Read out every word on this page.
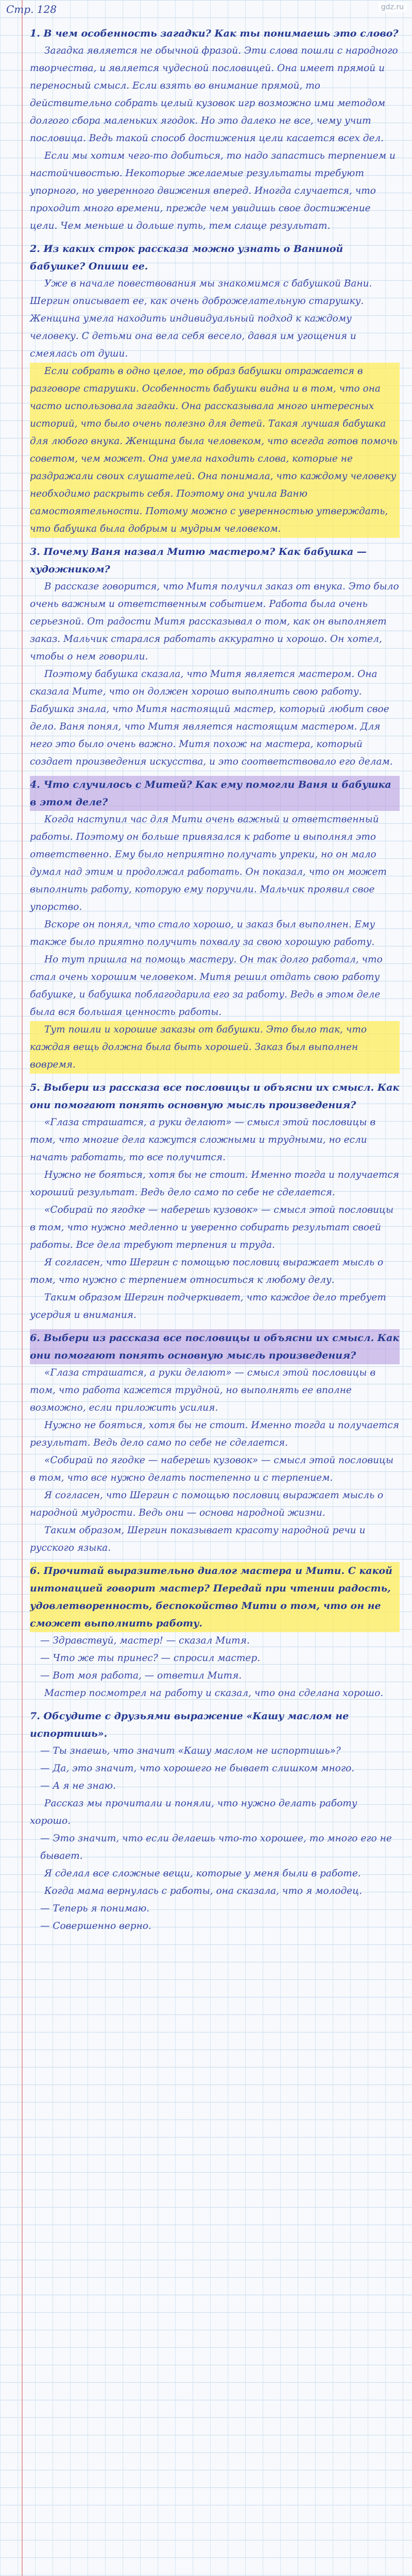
Стр. 128	gdz.ru

1. В чем особенность загадки? Как ты понимаешь это слово?

Загадка является не обычной фразой. Эти слова пошли с народного творчества, и является чудесной пословицей. Она имеет прямой и переносный смысл. Если взять во внимание прямой, то действительно собрать целый кузовок игр возможно ими методом долгого сбора маленьких ягодок. Но это далеко не все, чему учит пословица. Ведь такой способ достижения цели касается всех дел.

Если мы хотим чего-то добиться, то надо запастись терпением и настойчивостью. Некоторые желаемые результаты требуют упорного, но уверенного движения вперед. Иногда случается, что проходит много времени, прежде чем увидишь свое достижение цели. Чем меньше и дольше путь, тем слаще результат.

2. Из каких строк рассказа можно узнать о Ваниной бабушке? Опиши ее.

Уже в начале повествования мы знакомимся с бабушкой Вани. Шергин описывает ее, как очень доброжелательную старушку. Женщина умела находить индивидуальный подход к каждому человеку. С детьми она вела себя весело, давая им угощения и смеялась от души.

Если собрать в одно целое, то образ бабушки отражается в разговоре старушки. Особенность бабушки видна и в том, что она часто использовала загадки. Она рассказывала много интересных историй, что было очень полезно для детей. Такая лучшая бабушка для любого внука. Женщина была человеком, что всегда готов помочь советом, чем может. Она умела находить слова, которые не раздражали своих слушателей. Она понимала, что каждому человеку необходимо раскрыть себя. Поэтому она учила Ваню самостоятельности. Потому можно с уверенностью утверждать, что бабушка была добрым и мудрым человеком.

3. Почему Ваня назвал Митю мастером? Как бабушка — художником?

В рассказе говорится, что Митя получил заказ от внука. Это было очень важным и ответственным событием. Работа была очень серьезной. От радости Митя рассказывал о том, как он выполняет заказ. Мальчик старался работать аккуратно и хорошо. Он хотел, чтобы о нем говорили.

Поэтому бабушка сказала, что Митя является мастером. Она сказала Мите, что он должен хорошо выполнить свою работу. Бабушка знала, что Митя настоящий мастер, который любит свое дело. Ваня понял, что Митя является настоящим мастером. Для него это было очень важно. Митя похож на мастера, который создает произведения искусства, и это соответствовало его делам.

4. Что случилось с Митей? Как ему помогли Ваня и бабушка в этом деле?

Когда наступил час для Мити очень важный и ответственный работы. Поэтому он больше привязался к работе и выполнял это ответственно. Ему было неприятно получать упреки, но он мало думал над этим и продолжал работать. Он показал, что он может выполнить работу, которую ему поручили. Мальчик проявил свое упорство.

Вскоре он понял, что стало хорошо, и заказ был выполнен. Ему также было приятно получить похвалу за свою хорошую работу.

Но тут пришла на помощь мастеру. Он так долго работал, что стал очень хорошим человеком. Митя решил отдать свою работу бабушке, и бабушка поблагодарила его за работу. Ведь в этом деле была вся большая ценность работы.

Тут пошли и хорошие заказы от бабушки. Это было так, что каждая вещь должна была быть хорошей. Заказ был выполнен вовремя.

5. Выбери из рассказа все пословицы и объясни их смысл. Как они помогают понять основную мысль произведения?

«Глаза страшатся, а руки делают» — смысл этой пословицы в том, что многие дела кажутся сложными и трудными, но если начать работать, то все получится.

Нужно не бояться, хотя бы не стоит. Именно тогда и получается хороший результат. Ведь дело само по себе не сделается.

«Собирай по ягодке — наберешь кузовок» — смысл этой пословицы в том, что нужно медленно и уверенно собирать результат своей работы. Все дела требуют терпения и труда.

Я согласен, что Шергин с помощью пословиц выражает мысль о том, что нужно с терпением относиться к любому делу.

Таким образом Шергин подчеркивает, что каждое дело требует усердия и внимания.

6. Выбери из рассказа все пословицы и объясни их смысл. Как они помогают понять основную мысль произведения?

«Глаза страшатся, а руки делают» — смысл этой пословицы в том, что работа кажется трудной, но выполнять ее вполне возможно, если приложить усилия.

Нужно не бояться, хотя бы не стоит. Именно тогда и получается результат. Ведь дело само по себе не сделается.

«Собирай по ягодке — наберешь кузовок» — смысл этой пословицы в том, что все нужно делать постепенно и с терпением.

Я согласен, что Шергин с помощью пословиц выражает мысль о народной мудрости. Ведь они — основа народной жизни.

Таким образом, Шергин показывает красоту народной речи и русского языка.

6. Прочитай выразительно диалог мастера и Мити. С какой интонацией говорит мастер? Передай при чтении радость, удовлетворенность, беспокойство Мити о том, что он не сможет выполнить работу.

— Здравствуй, мастер! — сказал Митя.

— Что же ты принес? — спросил мастер.

— Вот моя работа, — ответил Митя.

Мастер посмотрел на работу и сказал, что она сделана хорошо.

7. Обсудите с друзьями выражение «Кашу маслом не испортишь».

— Ты знаешь, что значит «Кашу маслом не испортишь»?

— Да, это значит, что хорошего не бывает слишком много.

— А я не знаю.

Рассказ мы прочитали и поняли, что нужно делать работу хорошо.

— Это значит, что если делаешь что-то хорошее, то много его не бывает.

Я сделал все сложные вещи, которые у меня были в работе.

Когда мама вернулась с работы, она сказала, что я молодец.

— Теперь я понимаю.

— Совершенно верно.
